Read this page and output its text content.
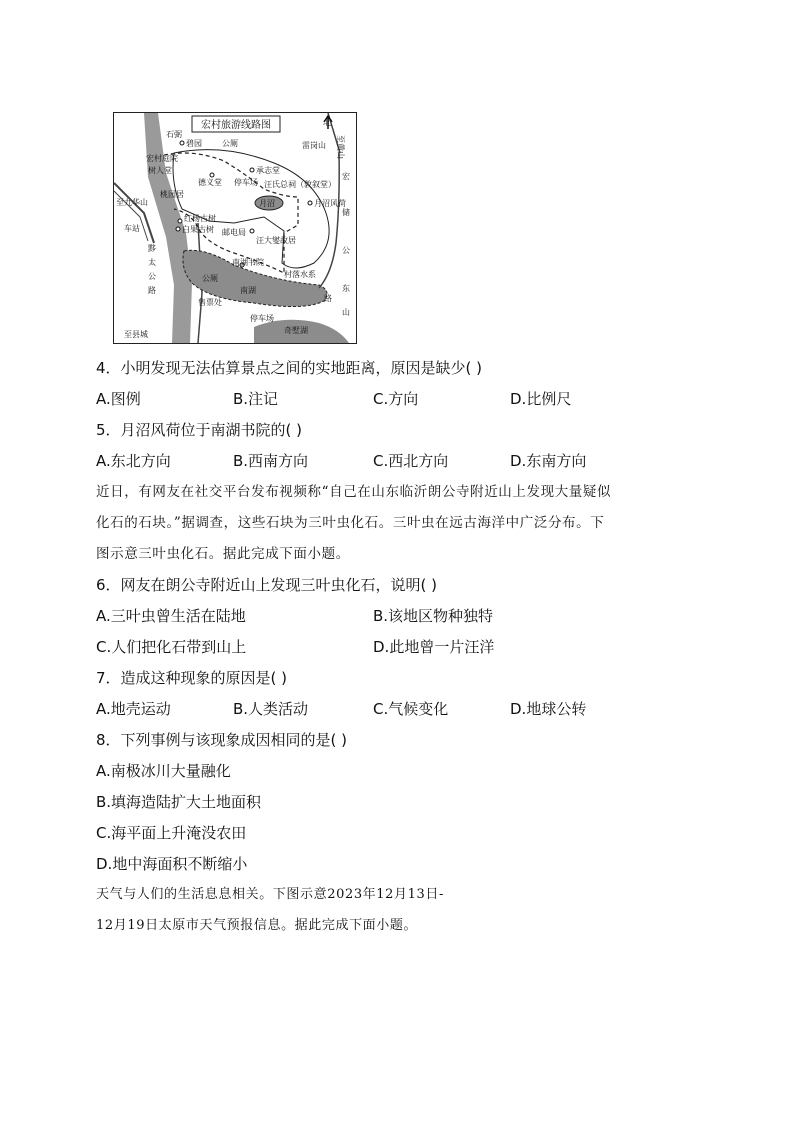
宏村旅游线路图	北
石弼
碧园	公厕	雷岗山 至黄山
宏
储
公
东
山
路
承志堂
停车场
宏村庭院
树人堂
德义堂	汪氏总祠（敦叙堂）
桃园居
月沼	月沼风荷
至九华山
红杨古树
白果古树
车站	邮电局
汪大燮故居
黟
太
公
路
南湖书院
村落水系
公厕
南湖
售票处
停车场
奇墅湖
至县城
4．小明发现无法估算景点之间的实地距离，原因是缺少( )
A.图例	B.注记	C.方向	D.比例尺
5．月沼风荷位于南湖书院的( )
A.东北方向	B.西南方向	C.西北方向	D.东南方向
近日，有网友在社交平台发布视频称“自己在山东临沂朗公寺附近山上发现大量疑似
化石的石块。”据调查，这些石块为三叶虫化石。三叶虫在远古海洋中广泛分布。下
图示意三叶虫化石。据此完成下面小题。
6．网友在朗公寺附近山上发现三叶虫化石，说明( )
A.三叶虫曾生活在陆地	B.该地区物种独特
C.人们把化石带到山上	D.此地曾一片汪洋
7．造成这种现象的原因是( )
A.地壳运动	B.人类活动	C.气候变化	D.地球公转
8．下列事例与该现象成因相同的是( )
A.南极冰川大量融化
B.填海造陆扩大土地面积
C.海平面上升淹没农田
D.地中海面积不断缩小
天气与人们的生活息息相关。下图示意2023年12月13日-
12月19日太原市天气预报信息。据此完成下面小题。
